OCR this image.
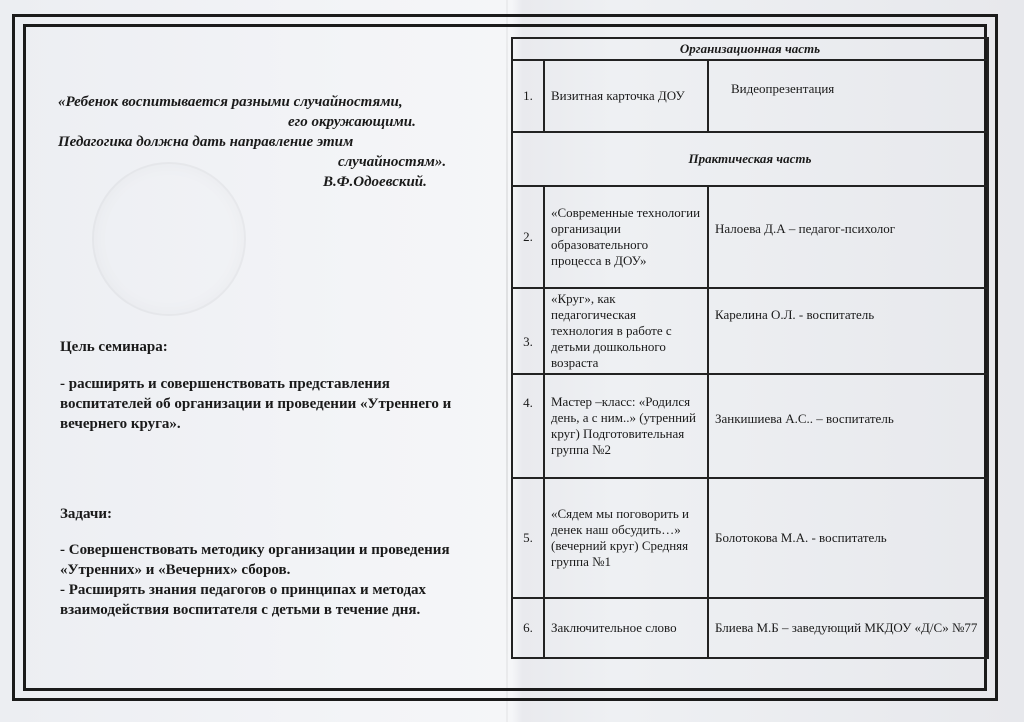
«Ребенок воспитывается разными случайностями,
его окружающими.
Педагогика должна дать направление этим
случайностям».
В.Ф.Одоевский.
Цель семинара:
- расширять и совершенствовать представления воспитателей об организации и проведении «Утреннего и вечернего круга».
Задачи:
- Совершенствовать методику организации и проведения «Утренних» и «Вечерних» сборов.
- Расширять знания педагогов о принципах и методах взаимодействия воспитателя с детьми в течение дня.
Организационная часть		
1.	Визитная карточка ДОУ	Видеопрезентация
Практическая часть		
2.	«Современные технологии организации образовательного процесса в ДОУ»	Налоева Д.А – педагог-психолог
3.	«Круг», как педагогическая технология в работе с детьми дошкольного возраста	Карелина О.Л. - воспитатель
4.	Мастер –класс: «Родился день, а с ним..» (утренний круг) Подготовительная группа №2	Занкишиева А.С.. – воспитатель
5.	«Сядем мы поговорить и денек наш обсудить…» (вечерний круг) Средняя группа №1	Болотокова М.А. - воспитатель
6.	Заключительное слово	Блиева М.Б – заведующий МКДОУ «Д/С» №77
